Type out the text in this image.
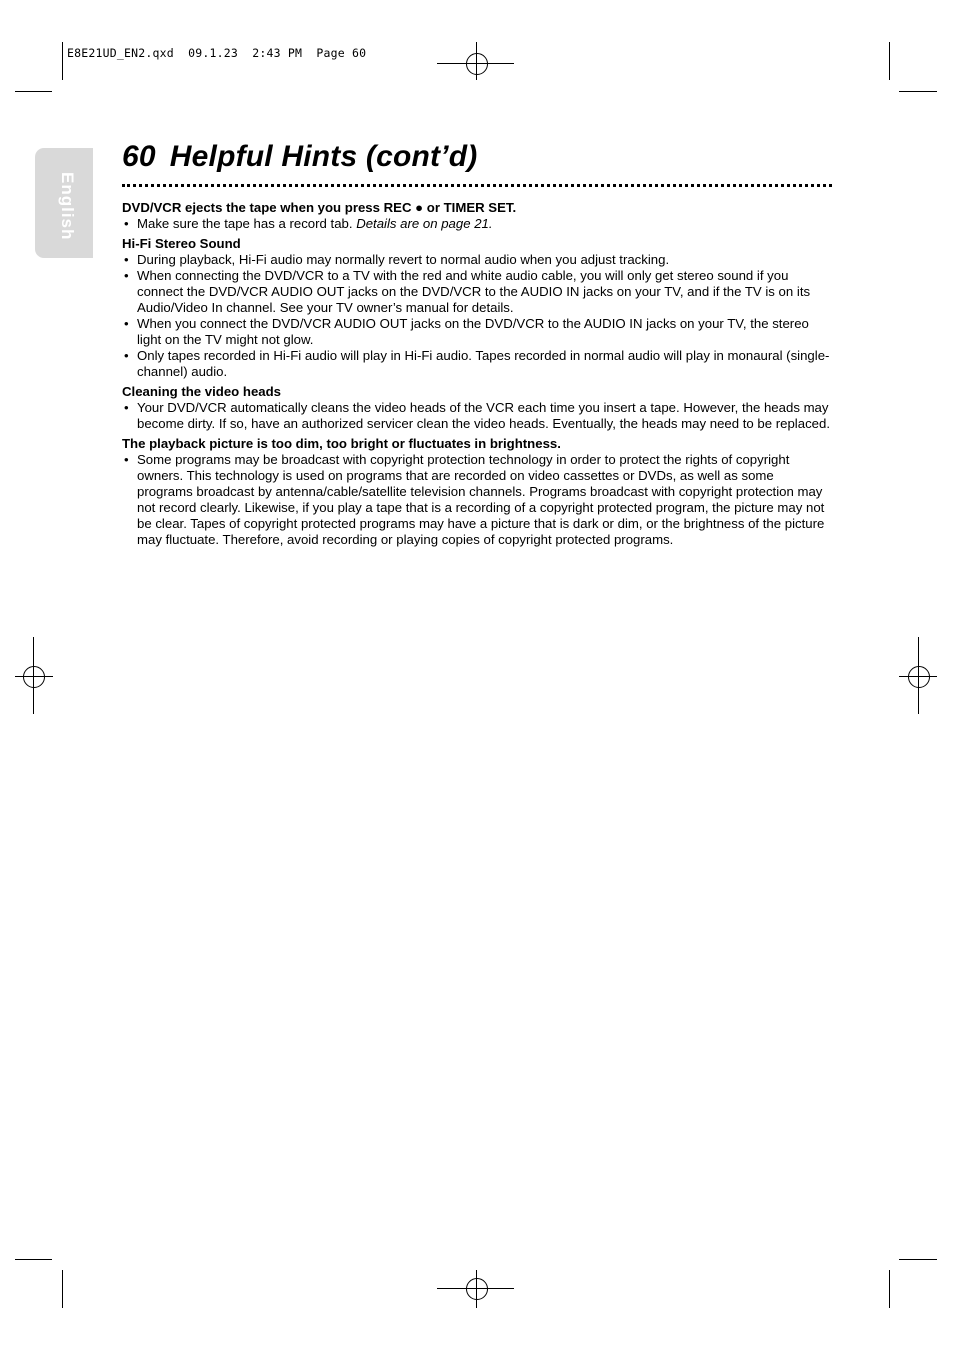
E8E21UD_EN2.qxd  09.1.23  2:43 PM  Page 60
English
60 Helpful Hints (cont’d)

DVD/VCR ejects the tape when you press REC ● or TIMER SET.

• Make sure the tape has a record tab. Details are on page 21.

Hi-Fi Stereo Sound

• During playback, Hi-Fi audio may normally revert to normal audio when you adjust tracking.
• When connecting the DVD/VCR to a TV with the red and white audio cable, you will only get stereo sound if you connect the DVD/VCR AUDIO OUT jacks on the DVD/VCR to the AUDIO IN jacks on your TV, and if the TV is on its Audio/Video In channel. See your TV owner’s manual for details.
• When you connect the DVD/VCR AUDIO OUT jacks on the DVD/VCR to the AUDIO IN jacks on your TV, the stereo light on the TV might not glow.
• Only tapes recorded in Hi-Fi audio will play in Hi-Fi audio. Tapes recorded in normal audio will play in monaural (single-channel) audio.

Cleaning the video heads

• Your DVD/VCR automatically cleans the video heads of the VCR each time you insert a tape. However, the heads may become dirty. If so, have an authorized servicer clean the video heads. Eventually, the heads may need to be replaced.

The playback picture is too dim, too bright or fluctuates in brightness.

• Some programs may be broadcast with copyright protection technology in order to protect the rights of copyright owners. This technology is used on programs that are recorded on video cassettes or DVDs, as well as some programs broadcast by antenna/cable/satellite television channels. Programs broadcast with copyright protection may not record clearly. Likewise, if you play a tape that is a recording of a copyright protected program, the picture may not be clear. Tapes of copyright protected programs may have a picture that is dark or dim, or the brightness of the picture may fluctuate. Therefore, avoid recording or playing copies of copyright protected programs.
